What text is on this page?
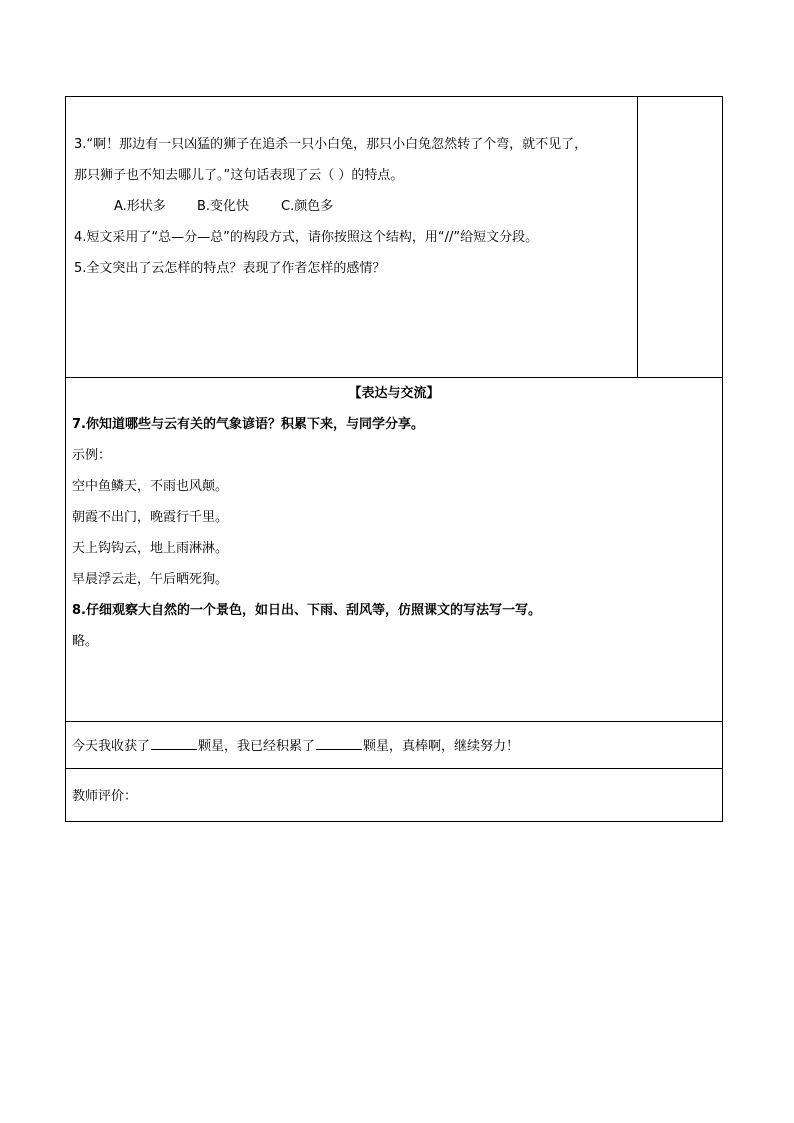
3.“啊！那边有一只凶猛的狮子在追杀一只小白兔，那只小白兔忽然转了个弯，就不见了，
那只狮子也不知去哪儿了。”这句话表现了云（ ）的特点。
A.形状多 B.变化快 C.颜色多
4.短文采用了“总—分—总”的构段方式，请你按照这个结构，用“//”给短文分段。
5.全文突出了云怎样的特点？表现了作者怎样的感情？
【表达与交流】
7.你知道哪些与云有关的气象谚语？积累下来，与同学分享。
示例：
空中鱼鳞天，不雨也风颠。
朝霞不出门，晚霞行千里。
天上钩钩云，地上雨淋淋。
早晨浮云走，午后晒死狗。
8.仔细观察大自然的一个景色，如日出、下雨、刮风等，仿照课文的写法写一写。
略。
今天我收获了	颗星，我已经积累了	颗星，真棒啊，继续努力！
教师评价：
